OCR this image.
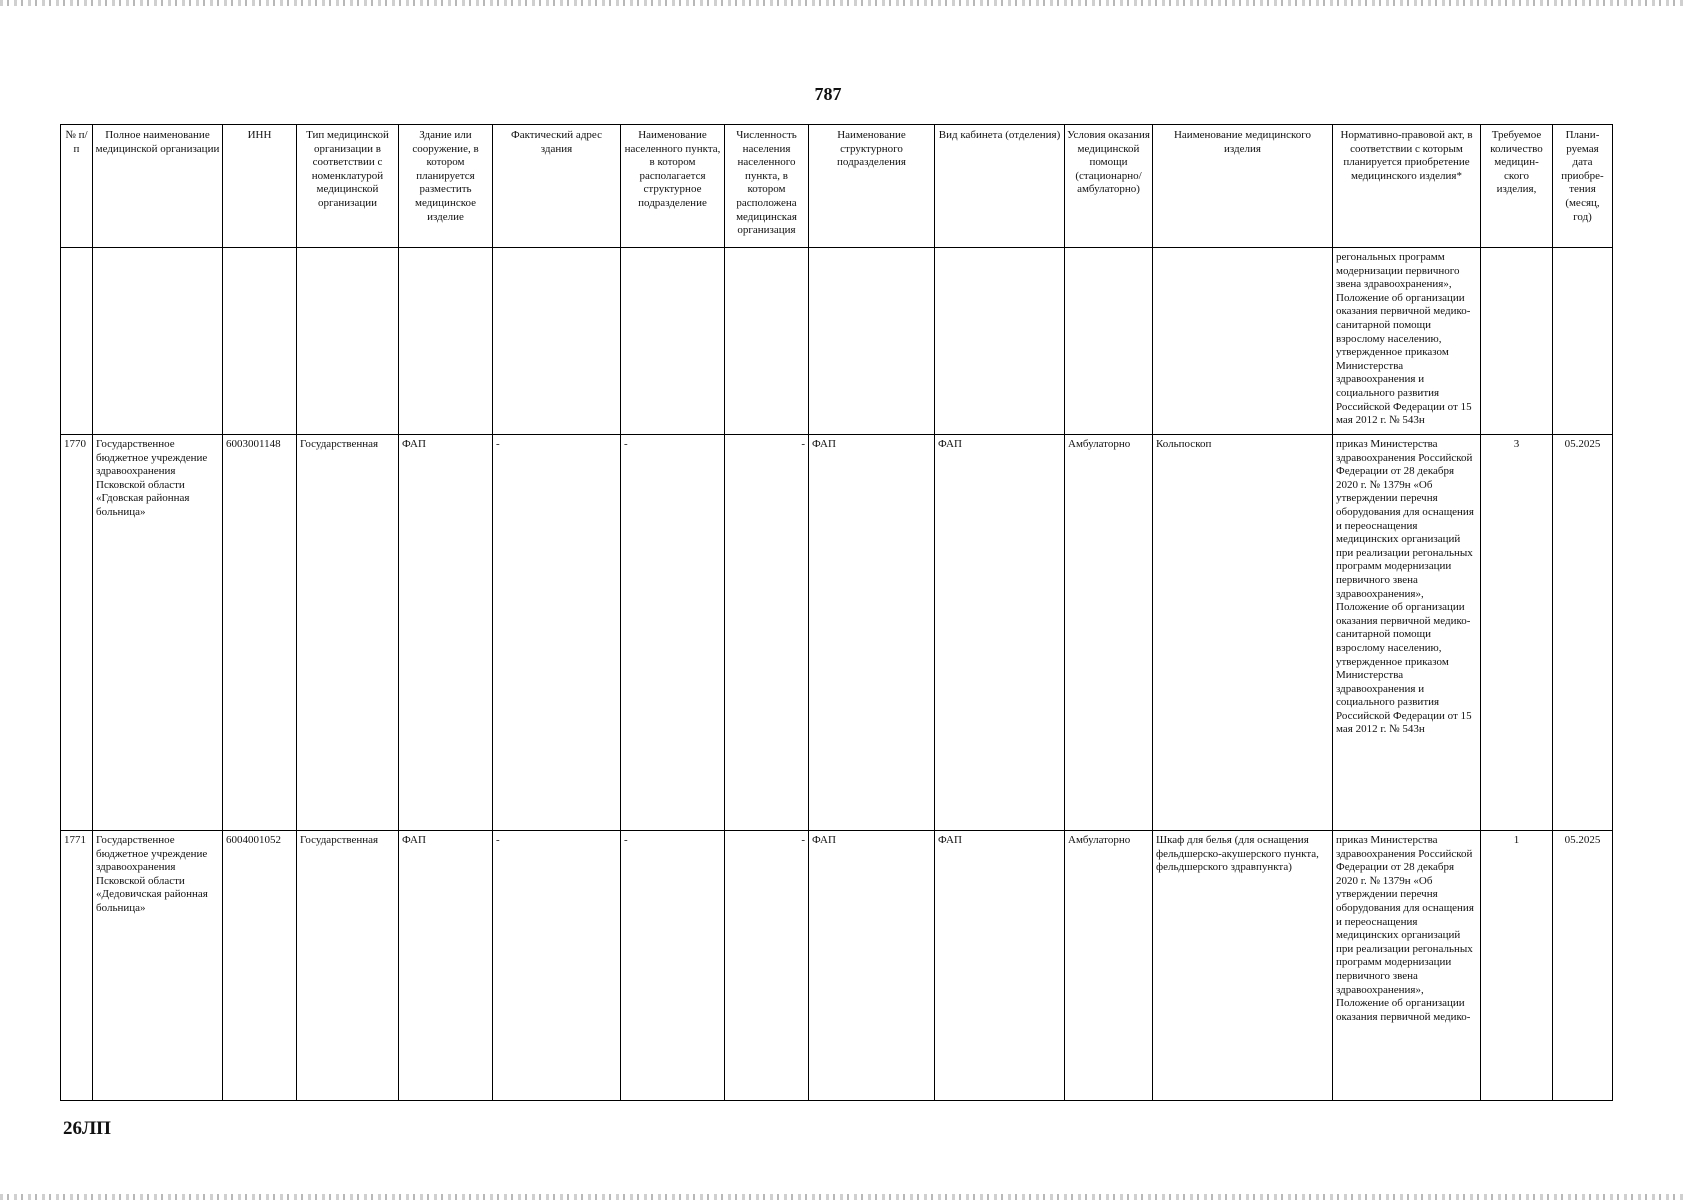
787
№ п/п	Полное наименование медицинской организации	ИНН	Тип медицинской организации в соответствии с номенклатурой медицинской организации	Здание или сооружение, в котором планируется разместить медицинское изделие	Фактический адрес здания	Наименование населенного пункта, в котором располагается структурное подразделение	Численность населения населенного пункта, в котором расположена медицинская организация	Наименование структурного подразделения	Вид кабинета (отделения)	Условия оказания медицинской помощи (стационарно/ амбулаторно)	Наименование медицинского изделия	Нормативно-правовой акт, в соответствии с которым планируется приобретение медицинского изделия*	Требуемое количество медицин-ского изделия,	Плани-руемая дата приобре-тения (месяц, год)
												регональных программ модернизации первичного звена здравоохранения», Положение об организации оказания первичной медико-санитарной помощи взрослому населению, утвержденное приказом Министерства здравоохранения и социального развития Российской Федерации от 15 мая 2012 г. № 543н		
1770	Государственное бюджетное учреждение здравоохранения Псковской области «Гдовская районная больница»	6003001148	Государственная	ФАП	-	-	-	ФАП	ФАП	Амбулаторно	Кольпоскоп	приказ Министерства здравоохранения Российской Федерации от 28 декабря 2020 г. № 1379н «Об утверждении перечня оборудования для оснащения и переоснащения медицинских организаций при реализации регональных программ модернизации первичного звена здравоохранения», Положение об организации оказания первичной медико-санитарной помощи взрослому населению, утвержденное приказом Министерства здравоохранения и социального развития Российской Федерации от 15 мая 2012 г. № 543н	3	05.2025
1771	Государственное бюджетное учреждение здравоохранения Псковской области «Дедовичская районная больница»	6004001052	Государственная	ФАП	-	-	-	ФАП	ФАП	Амбулаторно	Шкаф для белья (для оснащения фельдшерско-акушерского пункта, фельдшерского здравпункта)	приказ Министерства здравоохранения Российской Федерации от 28 декабря 2020 г. № 1379н «Об утверждении перечня оборудования для оснащения и переоснащения медицинских организаций при реализации регональных программ модернизации первичного звена здравоохранения», Положение об организации оказания первичной медико-	1	05.2025
26ЛП
